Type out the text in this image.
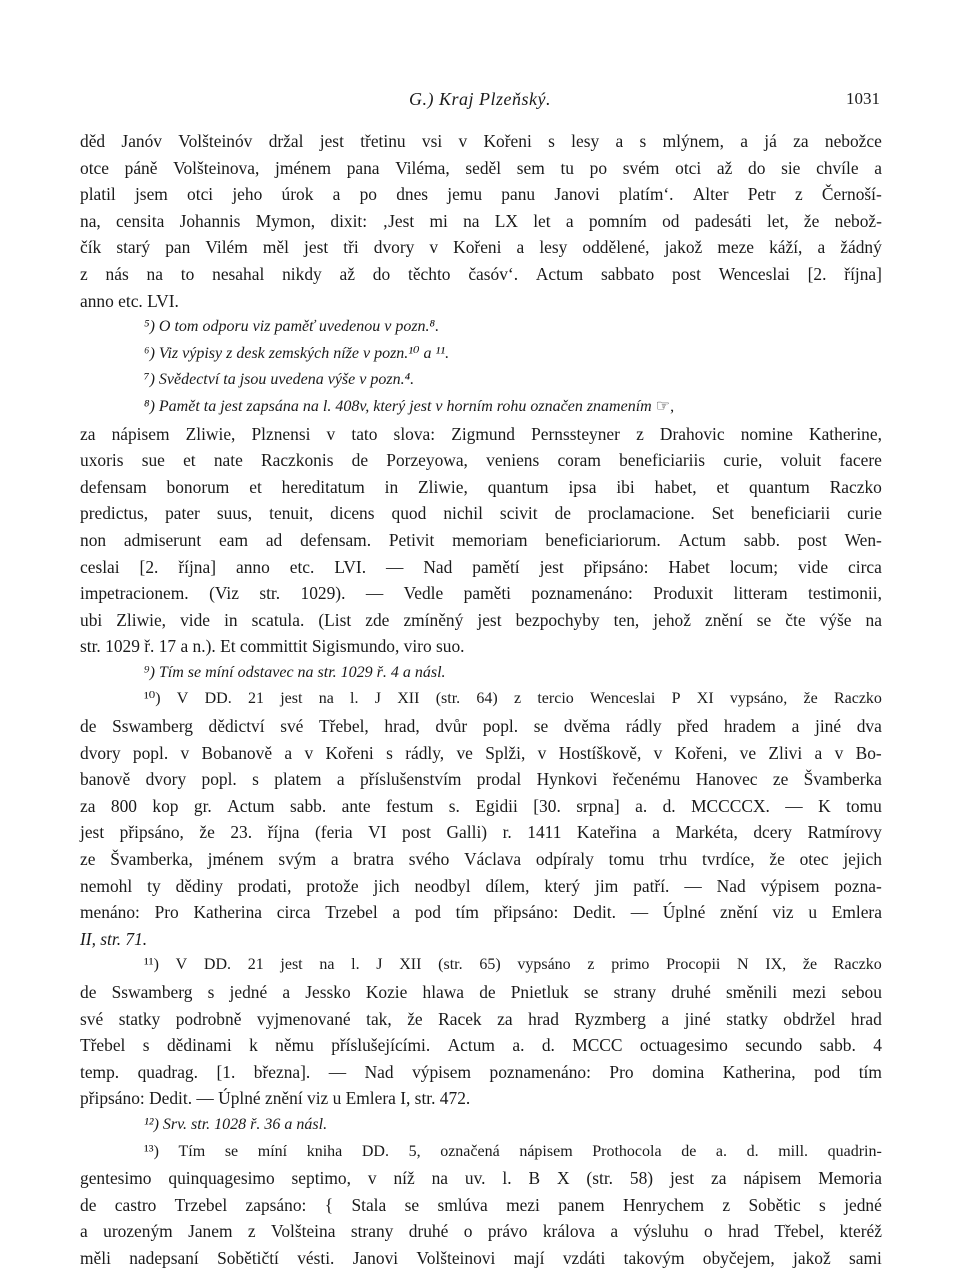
G.) Kraj Plzeňský.	1031
děd Janóv Volšteinóv držal jest třetinu vsi v Kořeni s lesy a s mlýnem, a já za nebožce
otce páně Volšteinova, jménem pana Viléma, seděl sem tu po svém otci až do sie chvíle a
platil jsem otci jeho úrok a po dnes jemu panu Janovi platím‘. Alter Petr z Černoší-
na, censita Johannis Mymon, dixit: ‚Jest mi na LX let a pomním od padesáti let, že nebož-
čík starý pan Vilém měl jest tři dvory v Kořeni a lesy oddělené, jakož meze káží, a žádný
z nás na to nesahal nikdy až do těchto časóv‘. Actum sabbato post Wenceslai [2. října]
anno etc. LVI.
⁵) O tom odporu viz paměť uvedenou v pozn.⁸.
⁶) Viz výpisy z desk zemských níže v pozn.¹⁰ a ¹¹.
⁷) Svědectví ta jsou uvedena výše v pozn.⁴.
⁸) Pamět ta jest zapsána na l. 408v, který jest v horním rohu označen znamením ☞,
za nápisem Zliwie, Plznensi v tato slova: Zigmund Pernssteyner z Drahovic nomine Katherine,
uxoris sue et nate Raczkonis de Porzeyowa, veniens coram beneficiariis curie, voluit facere
defensam bonorum et hereditatum in Zliwie, quantum ipsa ibi habet, et quantum Raczko
predictus, pater suus, tenuit, dicens quod nichil scivit de proclamacione. Set beneficiarii curie
non admiserunt eam ad defensam. Petivit memoriam beneficiariorum. Actum sabb. post Wen-
ceslai [2. října] anno etc. LVI. — Nad pamětí jest připsáno: Habet locum; vide circa
impetracionem. (Viz str. 1029). — Vedle paměti poznamenáno: Produxit litteram testimonii,
ubi Zliwie, vide in scatula. (List zde zmíněný jest bezpochyby ten, jehož znění se čte výše na
str. 1029 ř. 17 a n.). Et committit Sigismundo, viro suo.
⁹) Tím se míní odstavec na str. 1029 ř. 4 a násl.
¹⁰) V DD. 21 jest na l. J XII (str. 64) z tercio Wenceslai P XI vypsáno, že Raczko
de Sswamberg dědictví své Třebel, hrad, dvůr popl. se dvěma rádly před hradem a jiné dva
dvory popl. v Bobanově a v Kořeni s rádly, ve Splži, v Hostíškově, v Kořeni, ve Zlivi a v Bo-
banově dvory popl. s platem a příslušenstvím prodal Hynkovi řečenému Hanovec ze Švamberka
za 800 kop gr. Actum sabb. ante festum s. Egidii [30. srpna] a. d. MCCCCX. — K tomu
jest připsáno, že 23. října (feria VI post Galli) r. 1411 Kateřina a Markéta, dcery Ratmírovy
ze Švamberka, jménem svým a bratra svého Václava odpíraly tomu trhu tvrdíce, že otec jejich
nemohl ty dědiny prodati, protože jich neodbyl dílem, který jim patří. — Nad výpisem pozna-
menáno: Pro Katherina circa Trzebel a pod tím připsáno: Dedit. — Úplné znění viz u Emlera
II, str. 71.
¹¹) V DD. 21 jest na l. J XII (str. 65) vypsáno z primo Procopii N IX, že Raczko
de Sswamberg s jedné a Jessko Kozie hlawa de Pnietluk se strany druhé směnili mezi sebou
své statky podrobně vyjmenované tak, že Racek za hrad Ryzmberg a jiné statky obdržel hrad
Třebel s dědinami k němu příslušejícími. Actum a. d. MCCC octuagesimo secundo sabb. 4
temp. quadrag. [1. března]. — Nad výpisem poznamenáno: Pro domina Katherina, pod tím
připsáno: Dedit. — Úplné znění viz u Emlera I, str. 472.
¹²) Srv. str. 1028 ř. 36 a násl.
¹³) Tím se míní kniha DD. 5, označená nápisem Prothocola de a. d. mill. quadrin-
gentesimo quinquagesimo septimo, v níž na uv. l. B X (str. 58) jest za nápisem Memoria
de castro Trzebel zapsáno: { Stala se smlúva mezi panem Henrychem z Sobětic s jedné
a urozeným Janem z Volšteina strany druhé o právo králova a výsluhu o hrad Třebel, kteréž
měli nadepsaní Sobětičtí vésti. Janovi Volšteinovi mají vzdáti takovým obyčejem, jakož sami
